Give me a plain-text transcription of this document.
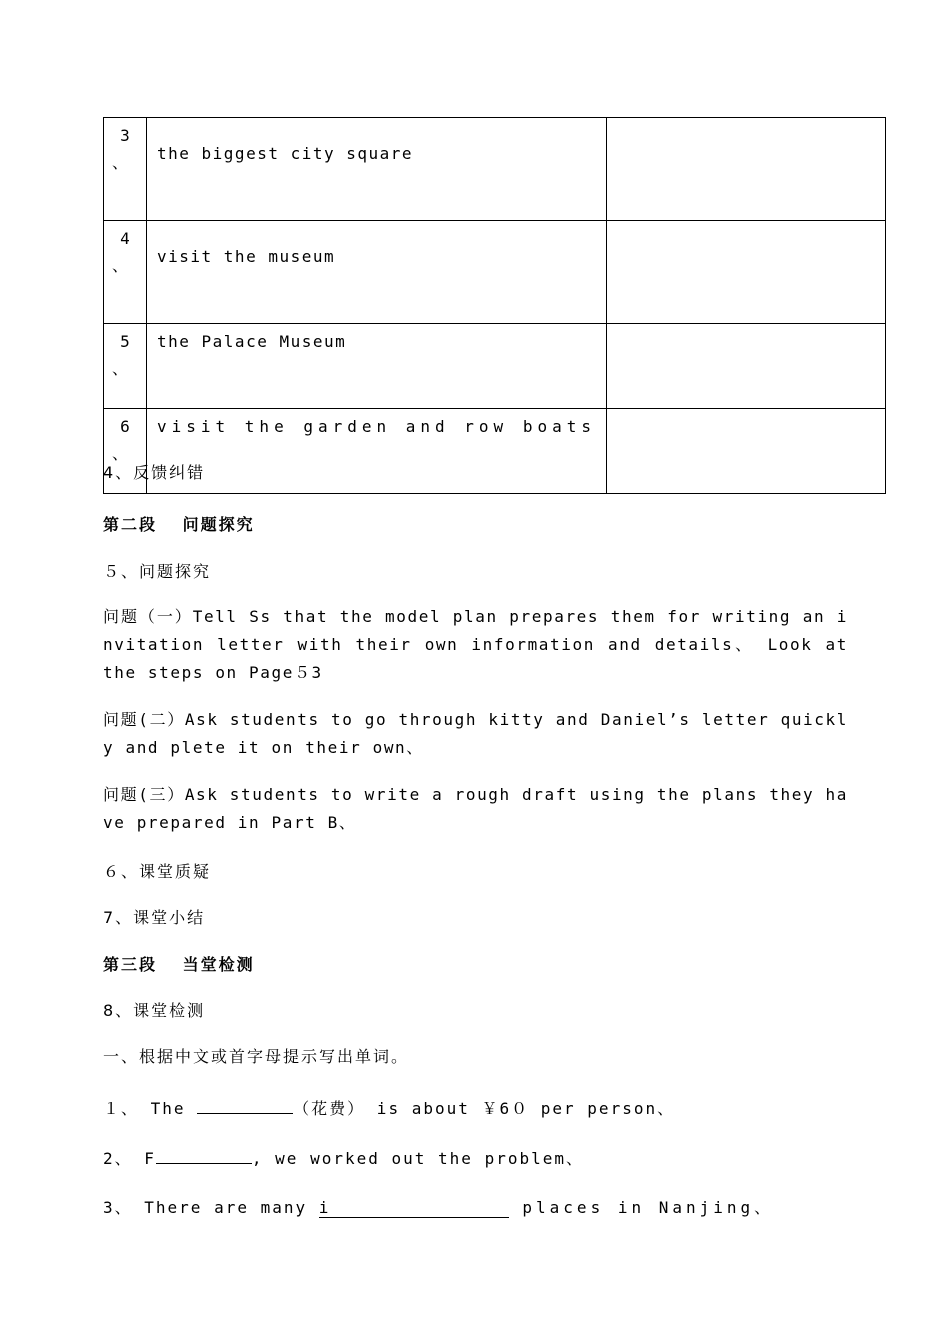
3
、	the biggest city square	

4
、	visit the museum	

5
、	the Palace Museum	

6
、	visit the garden and row boats	
4、反馈纠错
第二段　 问题探究
５、问题探究
问题（一）Tell Ss that the model plan prepares them for writing an invitation letter with their own information and details、 Look at the steps on Page５3
问题(二）Ask students to go through kitty and Daniel’s letter quickly and plete it on their own、
问题(三）Ask students to write a rough draft using the plans they have prepared in Part B、
６、课堂质疑
7、课堂小结
第三段　 当堂检测
8、课堂检测
一、根据中文或首字母提示写出单词。
１、 The	（花费） is about ￥6０ per person、
2、 F	, we worked out the problem、
3、 There are many i	places in Nanjing、
